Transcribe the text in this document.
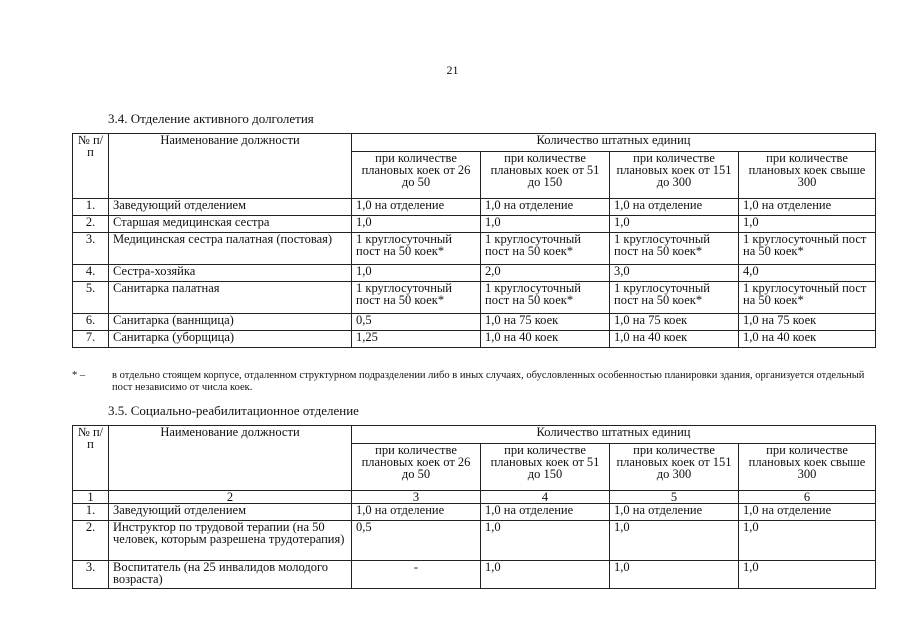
21
3.4. Отделение активного долголетия
№ п/п	Наименование должности	Количество штатных единиц			
		при количестве плановых коек от 26 до 50	при количестве плановых коек от 51 до 150	при количестве плановых коек от 151 до 300	при количестве плановых коек свыше 300
1.	Заведующий отделением	1,0 на отделение	1,0 на отделение	1,0 на отделение	1,0 на отделение
2.	Старшая медицинская сестра	1,0	1,0	1,0	1,0
3.	Медицинская сестра палатная (постовая)	1 круглосуточный пост на 50 коек*	1 круглосуточный пост на 50 коек*	1 круглосуточный пост на 50 коек*	1 круглосуточный пост на 50 коек*
4.	Сестра-хозяйка	1,0	2,0	3,0	4,0
5.	Санитарка палатная	1 круглосуточный пост на 50 коек*	1 круглосуточный пост на 50 коек*	1 круглосуточный пост на 50 коек*	1 круглосуточный пост на 50 коек*
6.	Санитарка (ваннщица)	0,5	1,0 на 75 коек	1,0 на 75 коек	1,0 на 75 коек
7.	Санитарка (уборщица)	1,25	1,0 на 40 коек	1,0 на 40 коек	1,0 на 40 коек
* –	в отдельно стоящем корпусе, отдаленном структурном подразделении либо в иных случаях, обусловленных особенностью планировки здания, организуется отдельный пост независимо от числа коек.
3.5. Социально-реабилитационное отделение
№ п/п	Наименование должности	Количество штатных единиц			
		при количестве плановых коек от 26 до 50	при количестве плановых коек от 51 до 150	при количестве плановых коек от 151 до 300	при количестве плановых коек свыше 300
1	2	3	4	5	6
1.	Заведующий отделением	1,0 на отделение	1,0 на отделение	1,0 на отделение	1,0 на отделение
2.	Инструктор по трудовой терапии (на 50 человек, которым разрешена трудотерапия)	0,5	1,0	1,0	1,0
3.	Воспитатель (на 25 инвалидов молодого возраста)	-	1,0	1,0	1,0
